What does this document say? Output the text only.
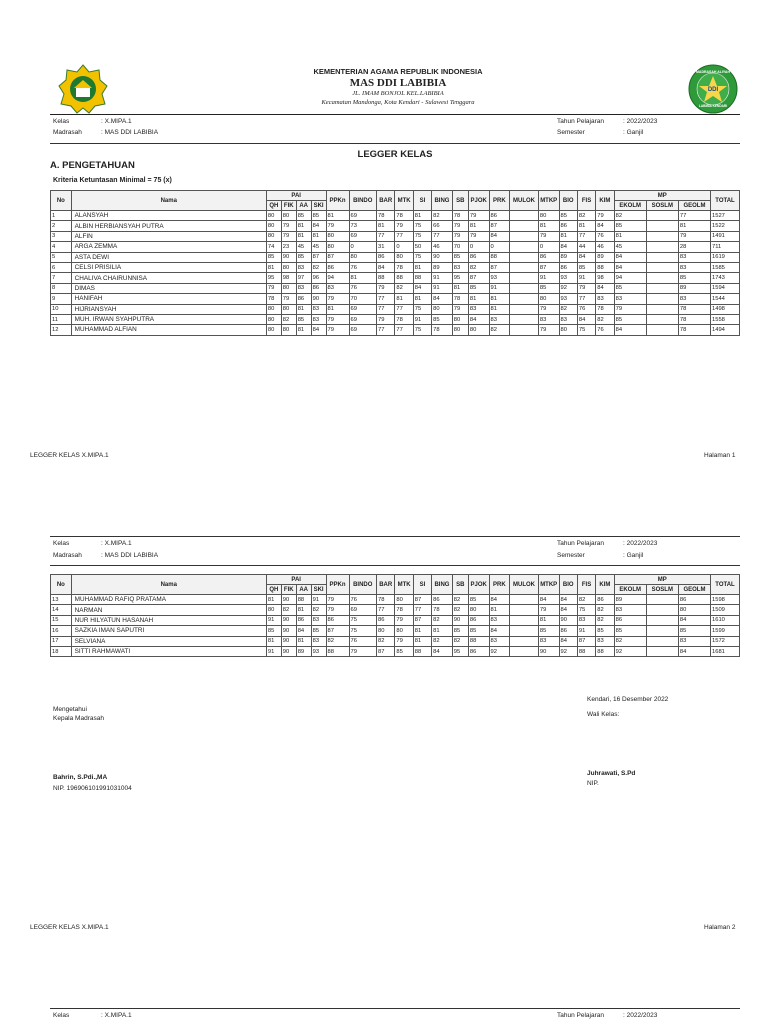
MADRASAH ALIYAH
DDI
LABIBIA KENDARI
KEMENTERIAN AGAMA REPUBLIK INDONESIA
MAS DDI LABIBIA
JL. IMAM BONJOL KEL.LABIBIA
Kecamatan Mandonga, Kota Kendari - Sulawesi Tenggara
Kelas	: X.MIPA.1
Madrasah	: MAS DDI LABIBIA
Tahun Pelajaran	: 2022/2023
Semester	: Ganjil
LEGGER KELAS
A. PENGETAHUAN
Kriteria Ketuntasan Minimal = 75 (x)
No	Nama	PAI				PPKn	BINDO	BAR	MTK	SI	BING	SB	PJOK	PRK	MULOK	MTKP	BIO	FIS	KIM	MP			TOTAL
		QH	FIK	AA	SKI															EKOLM	SOSLM	GEOLM	
1	ALANSYAH	80	80	85	85	81	69	78	78	81	82	78	79	86		80	85	82	79	82		77	1527
2	ALBIN HERBIANSYAH PUTRA	80	79	81	84	79	73	81	79	75	66	79	81	87		81	86	81	84	85		81	1522
3	ALFIN	80	79	81	81	80	69	77	77	75	77	79	79	84		79	81	77	76	81		79	1491
4	ARGA ZEMMA	74	23	45	45	80	0	31	0	50	46	70	0	0		0	84	44	46	45		28	711
5	ASTA DEWI	85	90	85	87	87	80	86	80	75	90	85	86	88		86	89	84	89	84		83	1619
6	CELSI PRISILIA	81	80	83	82	86	76	84	78	81	89	83	82	87		87	86	85	88	84		83	1585
7	CHALIVA CHAIRUNNISA	95	98	97	96	94	81	88	88	88	91	95	87	93		91	93	91	98	94		85	1743
8	DIMAS	79	80	83	86	83	76	79	82	84	91	81	85	91		85	92	79	84	85		89	1594
9	HANIFAH	78	79	86	90	79	70	77	81	81	84	78	81	81		80	93	77	83	83		83	1544
10	HIJRIANSYAH	80	80	81	83	81	69	77	77	75	80	79	83	81		79	82	76	78	79		78	1498
11	MUH. IRWAN SYAHPUTRA	80	82	85	83	79	69	79	78	91	85	80	84	83		83	83	84	82	85		78	1558
12	MUHAMMAD ALFIAN	80	80	81	84	79	69	77	77	75	78	80	80	82		79	80	75	76	84		78	1494
LEGGER KELAS X.MIPA.1	Halaman 1
Kelas	: X.MIPA.1
Madrasah	: MAS DDI LABIBIA
Tahun Pelajaran	: 2022/2023
Semester	: Ganjil
No	Nama	PAI				PPKn	BINDO	BAR	MTK	SI	BING	SB	PJOK	PRK	MULOK	MTKP	BIO	FIS	KIM	MP			TOTAL
		QH	FIK	AA	SKI															EKOLM	SOSLM	GEOLM	
13	MUHAMMAD RAFIQ PRATAMA	81	90	88	91	79	76	78	80	87	86	82	85	84		84	84	82	86	89		86	1598
14	NARMAN	80	82	81	82	79	69	77	78	77	78	82	80	81		79	84	75	82	83		80	1509
15	NUR HILYATUN HASANAH	91	90	86	83	86	75	86	79	87	82	90	86	83		81	90	83	82	86		84	1610
16	SAZKIA IMAN SAPUTRI	85	90	84	85	87	75	80	80	81	81	85	85	84		85	86	91	85	85		85	1599
17	SELVIANA	81	90	81	83	82	76	82	79	81	82	82	88	83		83	84	87	83	82		83	1572
18	SITTI RAHMAWATI	91	90	89	93	88	79	87	85	88	84	95	86	92		90	92	88	88	92		84	1681
Kendari, 16 Desember 2022
Mengetahui
Kepala Madrasah
Wali Kelas:
Bahrin, S.Pdi.,MA
NIP. 196906101991031004
Juhrawati, S.Pd
NIP.
LEGGER KELAS X.MIPA.1	Halaman 2
Kelas	: X.MIPA.1	Tahun Pelajaran	: 2022/2023
